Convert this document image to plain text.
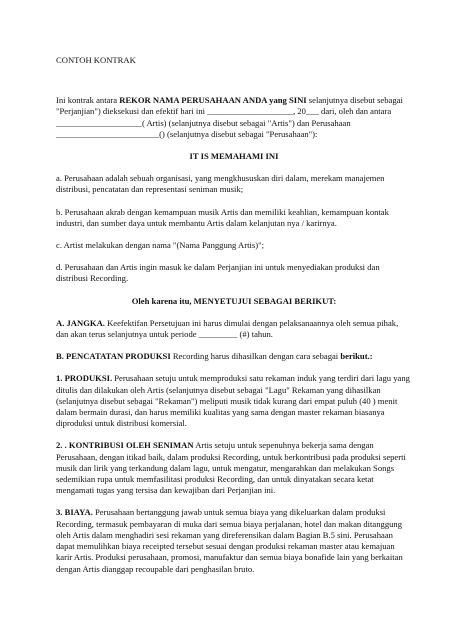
CONTOH KONTRAK

Ini kontrak antara REKOR NAMA PERUSAHAAN ANDA yang SINI selanjutnya disebut sebagai "Perjanjian") dieksekusi dan efektif hari ini ____________________, 20___ dari, oleh dan antara ____________________( Artis) (selanjutnya disebut sebagai "Artis") dan Perusahaan ________________________() (selanjutnya disebut sebagai "Perusahaan"):

IT IS MEMAHAMI INI

a. Perusahaan adalah sebuah organisasi, yang mengkhususkan diri dalam, merekam manajemen distribusi, pencatatan dan representasi seniman musik;

b. Perusahaan akrab dengan kemampuan musik Artis dan memiliki keahlian, kemampuan kontak industri, dan sumber daya untuk membantu Artis dalam kelanjutan nya / karirnya.

c. Artist melakukan dengan nama "(Nama Panggung Artis)";

d. Perusahaan dan Artis ingin masuk ke dalam Perjanjian ini untuk menyediakan produksi dan distribusi Recording.

Oleh karena itu, MENYETUJUI SEBAGAI BERIKUT:

A. JANGKA. Keefektifan Persetujuan ini harus dimulai dengan pelaksanaannya oleh semua pihak, dan akan terus selanjutnya untuk periode _________ (#) tahun.

B. PENCATATAN PRODUKSI Recording harus dihasilkan dengan cara sebagai berikut.:

1. PRODUKSI. Perusahaan setuju untuk memproduksi satu rekaman induk yang terdiri dari lagu yang ditulis dan dilakukan oleh Artis (selanjutnya disebut sebagai "Lagu" Rekaman yang dihasilkan (selanjutnya disebut sebagai "Rekaman") meliputi musik tidak kurang dari empat puluh (40 ) menit dalam bermain durasi, dan harus memiliki kualitas yang sama dengan master rekaman biasanya diproduksi untuk distribusi komersial.

2. . KONTRIBUSI OLEH SENIMAN Artis setuju untuk sepenuhnya bekerja sama dengan Perusahaan, dengan itikad baik, dalam produksi Recording, untuk berkontribusi pada produksi seperti musik dan lirik yang terkandung dalam lagu, untuk mengatur, mengarahkan dan melakukan Songs sedemikian rupa untuk memfasilitasi produksi Recording, dan untuk dinyatakan secara ketat mengamati tugas yang tersisa dan kewajiban dari Perjanjian ini.

3. BIAYA. Perusahaan bertanggung jawab untuk semua biaya yang dikeluarkan dalam produksi Recording, termasuk pembayaran di muka dari semua biaya perjalanan, hotel dan makan ditanggung oleh Artis dalam menghadiri sesi rekaman yang direferensikan dalam Bagian B.5 sini. Perusahaan dapat memulihkan biaya receipted tersebut sesuai dengan produksi rekaman master atau kemajuan karir Artis. Produksi perusahaan, promosi, manufaktur dan semua biaya bonafide lain yang berkaitan dengan Artis dianggap recoupable dari penghasilan bruto.
